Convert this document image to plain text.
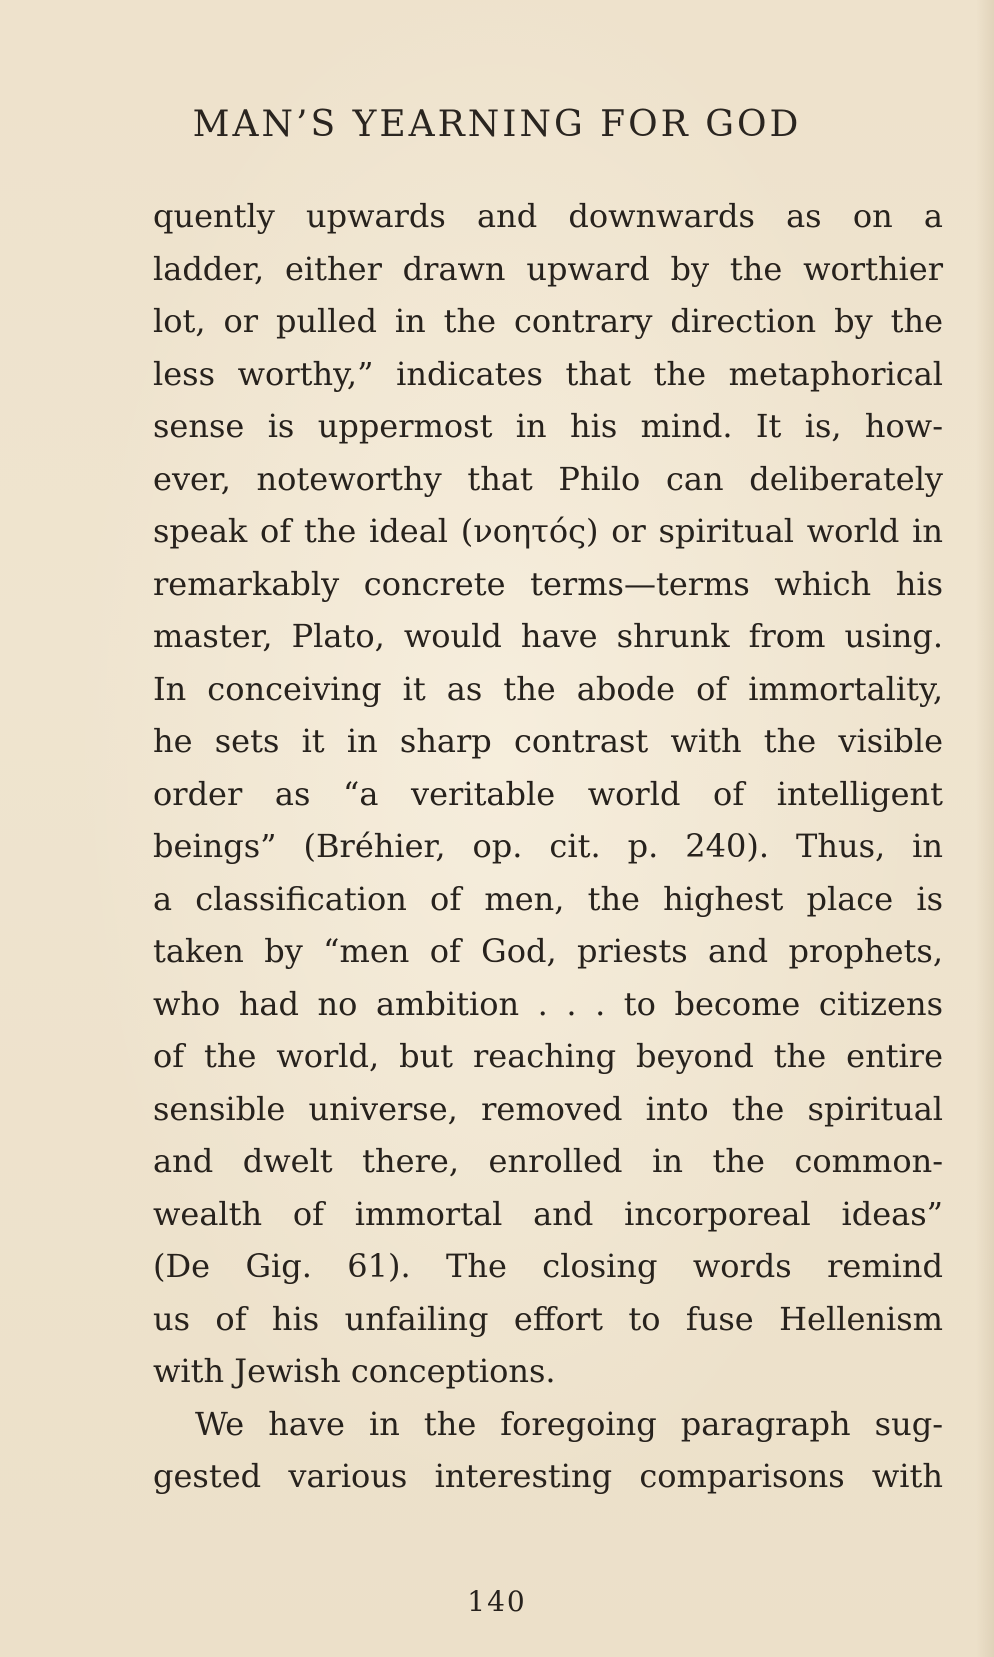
MAN’S YEARNING FOR GOD

quently upwards and downwards as on a
ladder, either drawn upward by the worthier
lot, or pulled in the contrary direction by the
less worthy,” indicates that the metaphorical
sense is uppermost in his mind. It is, how-
ever, noteworthy that Philo can deliberately
speak of the ideal (νοητός) or spiritual world in
remarkably concrete terms—terms which his
master, Plato, would have shrunk from using.
In conceiving it as the abode of immortality,
he sets it in sharp contrast with the visible
order as “a veritable world of intelligent
beings” (Bréhier, op. cit. p. 240). Thus, in
a classification of men, the highest place is
taken by “men of God, priests and prophets,
who had no ambition . . . to become citizens
of the world, but reaching beyond the entire
sensible universe, removed into the spiritual
and dwelt there, enrolled in the common-
wealth of immortal and incorporeal ideas”
(De Gig. 61). The closing words remind
us of his unfailing effort to fuse Hellenism
with Jewish conceptions.

We have in the foregoing paragraph sug-
gested various interesting comparisons with

140
